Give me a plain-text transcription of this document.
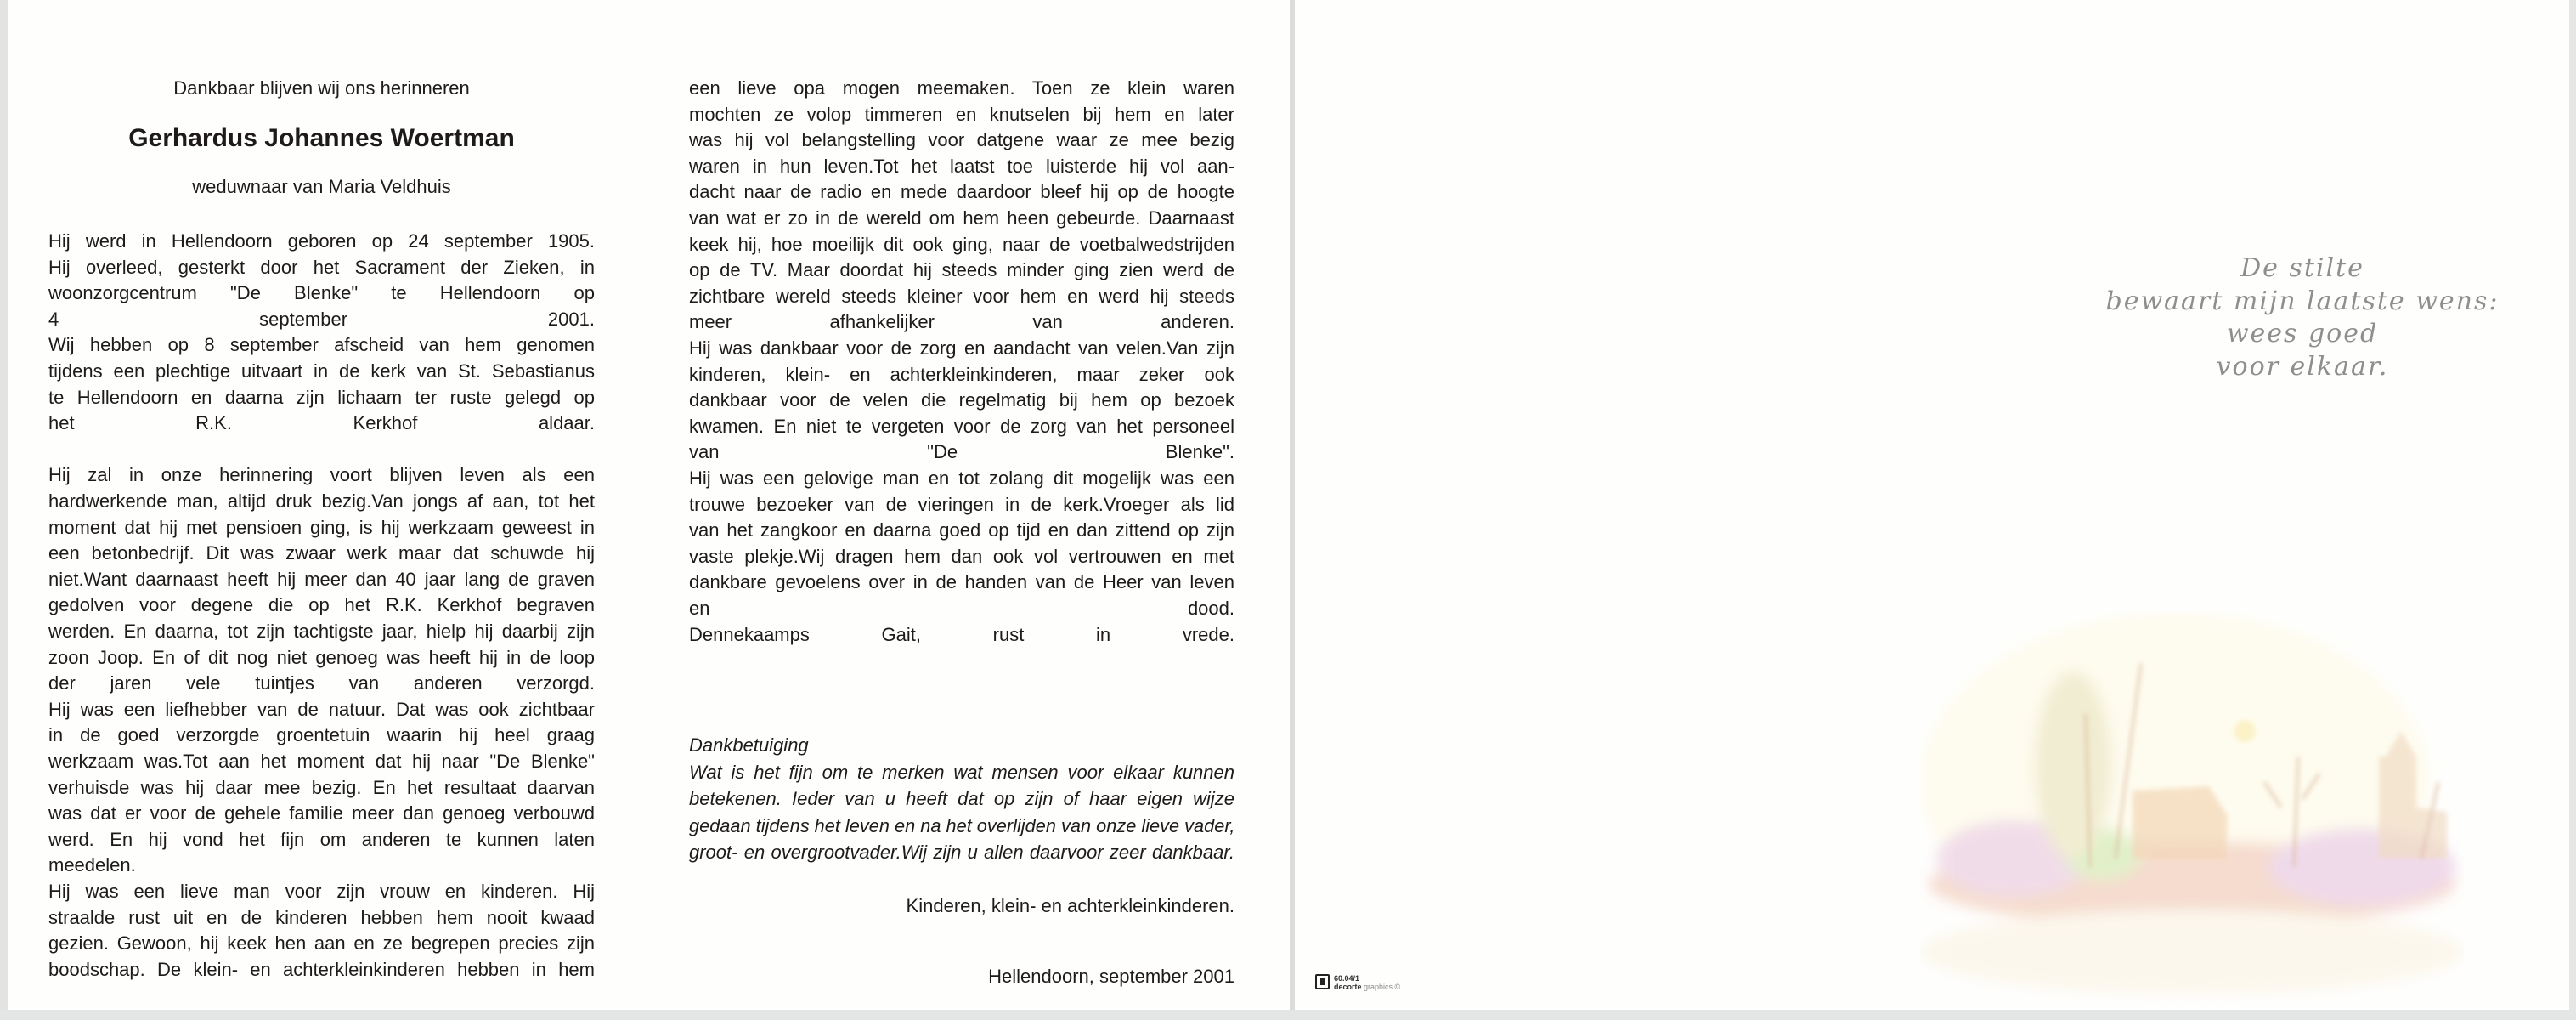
Dankbaar blijven wij ons herinneren
Gerhardus Johannes Woertman
weduwnaar van Maria Veldhuis
Hij werd in Hellendoorn geboren op 24 september 1905.
Hij overleed, gesterkt door het Sacrament der Zieken, in
woonzorgcentrum "De Blenke" te Hellendoorn op
4 september 2001.
Wij hebben op 8 september afscheid van hem genomen
tijdens een plechtige uitvaart in de kerk van St. Sebastianus
te Hellendoorn en daarna zijn lichaam ter ruste gelegd op
het R.K. Kerkhof aldaar.
Hij zal in onze herinnering voort blijven leven als een
hardwerkende man, altijd druk bezig.Van jongs af aan, tot het
moment dat hij met pensioen ging, is hij werkzaam geweest in
een betonbedrijf. Dit was zwaar werk maar dat schuwde hij
niet.Want daarnaast heeft hij meer dan 40 jaar lang de graven
gedolven voor degene die op het R.K. Kerkhof begraven
werden. En daarna, tot zijn tachtigste jaar, hielp hij daarbij zijn
zoon Joop. En of dit nog niet genoeg was heeft hij in de loop
der jaren vele tuintjes van anderen verzorgd.
Hij was een liefhebber van de natuur. Dat was ook zichtbaar
in de goed verzorgde groentetuin waarin hij heel graag
werkzaam was.Tot aan het moment dat hij naar "De Blenke"
verhuisde was hij daar mee bezig. En het resultaat daarvan
was dat er voor de gehele familie meer dan genoeg verbouwd
werd. En hij vond het fijn om anderen te kunnen laten
meedelen.
Hij was een lieve man voor zijn vrouw en kinderen. Hij
straalde rust uit en de kinderen hebben hem nooit kwaad
gezien. Gewoon, hij keek hen aan en ze begrepen precies zijn
boodschap. De klein- en achterkleinkinderen hebben in hem
een lieve opa mogen meemaken. Toen ze klein waren
mochten ze volop timmeren en knutselen bij hem en later
was hij vol belangstelling voor datgene waar ze mee bezig
waren in hun leven.Tot het laatst toe luisterde hij vol aan-
dacht naar de radio en mede daardoor bleef hij op de hoogte
van wat er zo in de wereld om hem heen gebeurde. Daarnaast
keek hij, hoe moeilijk dit ook ging, naar de voetbalwedstrijden
op de TV. Maar doordat hij steeds minder ging zien werd de
zichtbare wereld steeds kleiner voor hem en werd hij steeds
meer afhankelijker van anderen.
Hij was dankbaar voor de zorg en aandacht van velen.Van zijn
kinderen, klein- en achterkleinkinderen, maar zeker ook
dankbaar voor de velen die regelmatig bij hem op bezoek
kwamen. En niet te vergeten voor de zorg van het personeel
van "De Blenke".
Hij was een gelovige man en tot zolang dit mogelijk was een
trouwe bezoeker van de vieringen in de kerk.Vroeger als lid
van het zangkoor en daarna goed op tijd en dan zittend op zijn
vaste plekje.Wij dragen hem dan ook vol vertrouwen en met
dankbare gevoelens over in de handen van de Heer van leven
en dood.
Dennekaamps Gait, rust in vrede.
Dankbetuiging
Wat is het fijn om te merken wat mensen voor elkaar kunnen
betekenen. Ieder van u heeft dat op zijn of haar eigen wijze
gedaan tijdens het leven en na het overlijden van onze lieve vader,
groot- en overgrootvader.Wij zijn u allen daarvoor zeer dankbaar.
Kinderen, klein- en achterkleinkinderen.
Hellendoorn, september 2001
De stilte
bewaart mijn laatste wens:
wees goed
voor elkaar.
60.04/1
decorte graphics ©
